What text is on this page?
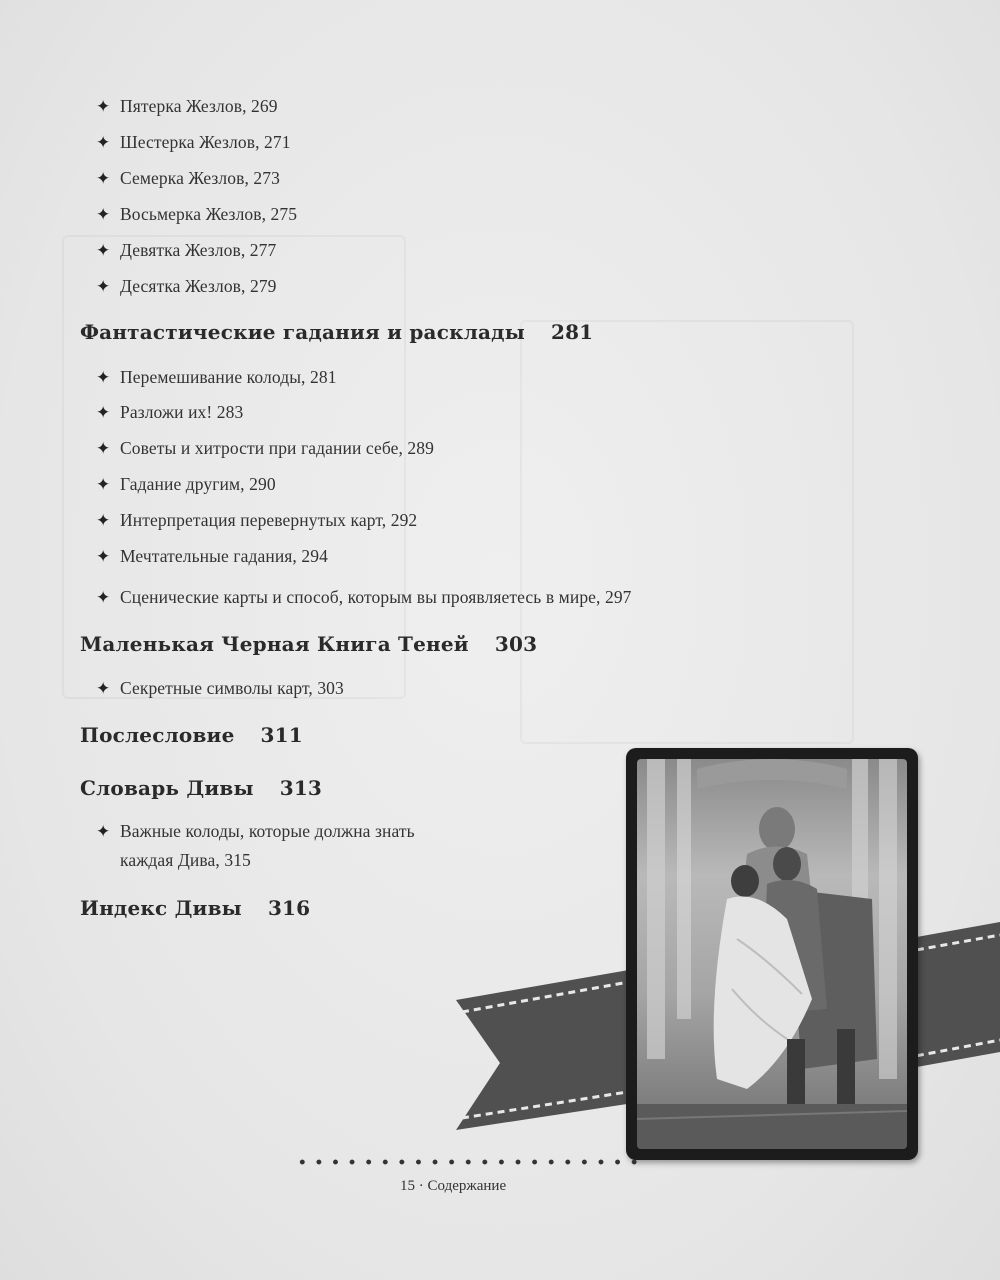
✦ Пятерка Жезлов, 269
✦ Шестерка Жезлов, 271
✦ Семерка Жезлов, 273
✦ Восьмерка Жезлов, 275
✦ Девятка Жезлов, 277
✦ Десятка Жезлов, 279
Фантастические гадания и расклады 281
✦ Перемешивание колоды, 281
✦ Разложи их! 283
✦ Советы и хитрости при гадании себе, 289
✦ Гадание другим, 290
✦ Интерпретация перевернутых карт, 292
✦ Мечтательные гадания, 294
✦ Сценические карты и способ, которым вы проявляетесь в мире, 297
Маленькая Черная Книга Теней 303
✦ Секретные символы карт, 303
Послесловие 311
Словарь Дивы 313
✦ Важные колоды, которые должна знать
каждая Дива, 315
Индекс Дивы 316
15 · Содержание
